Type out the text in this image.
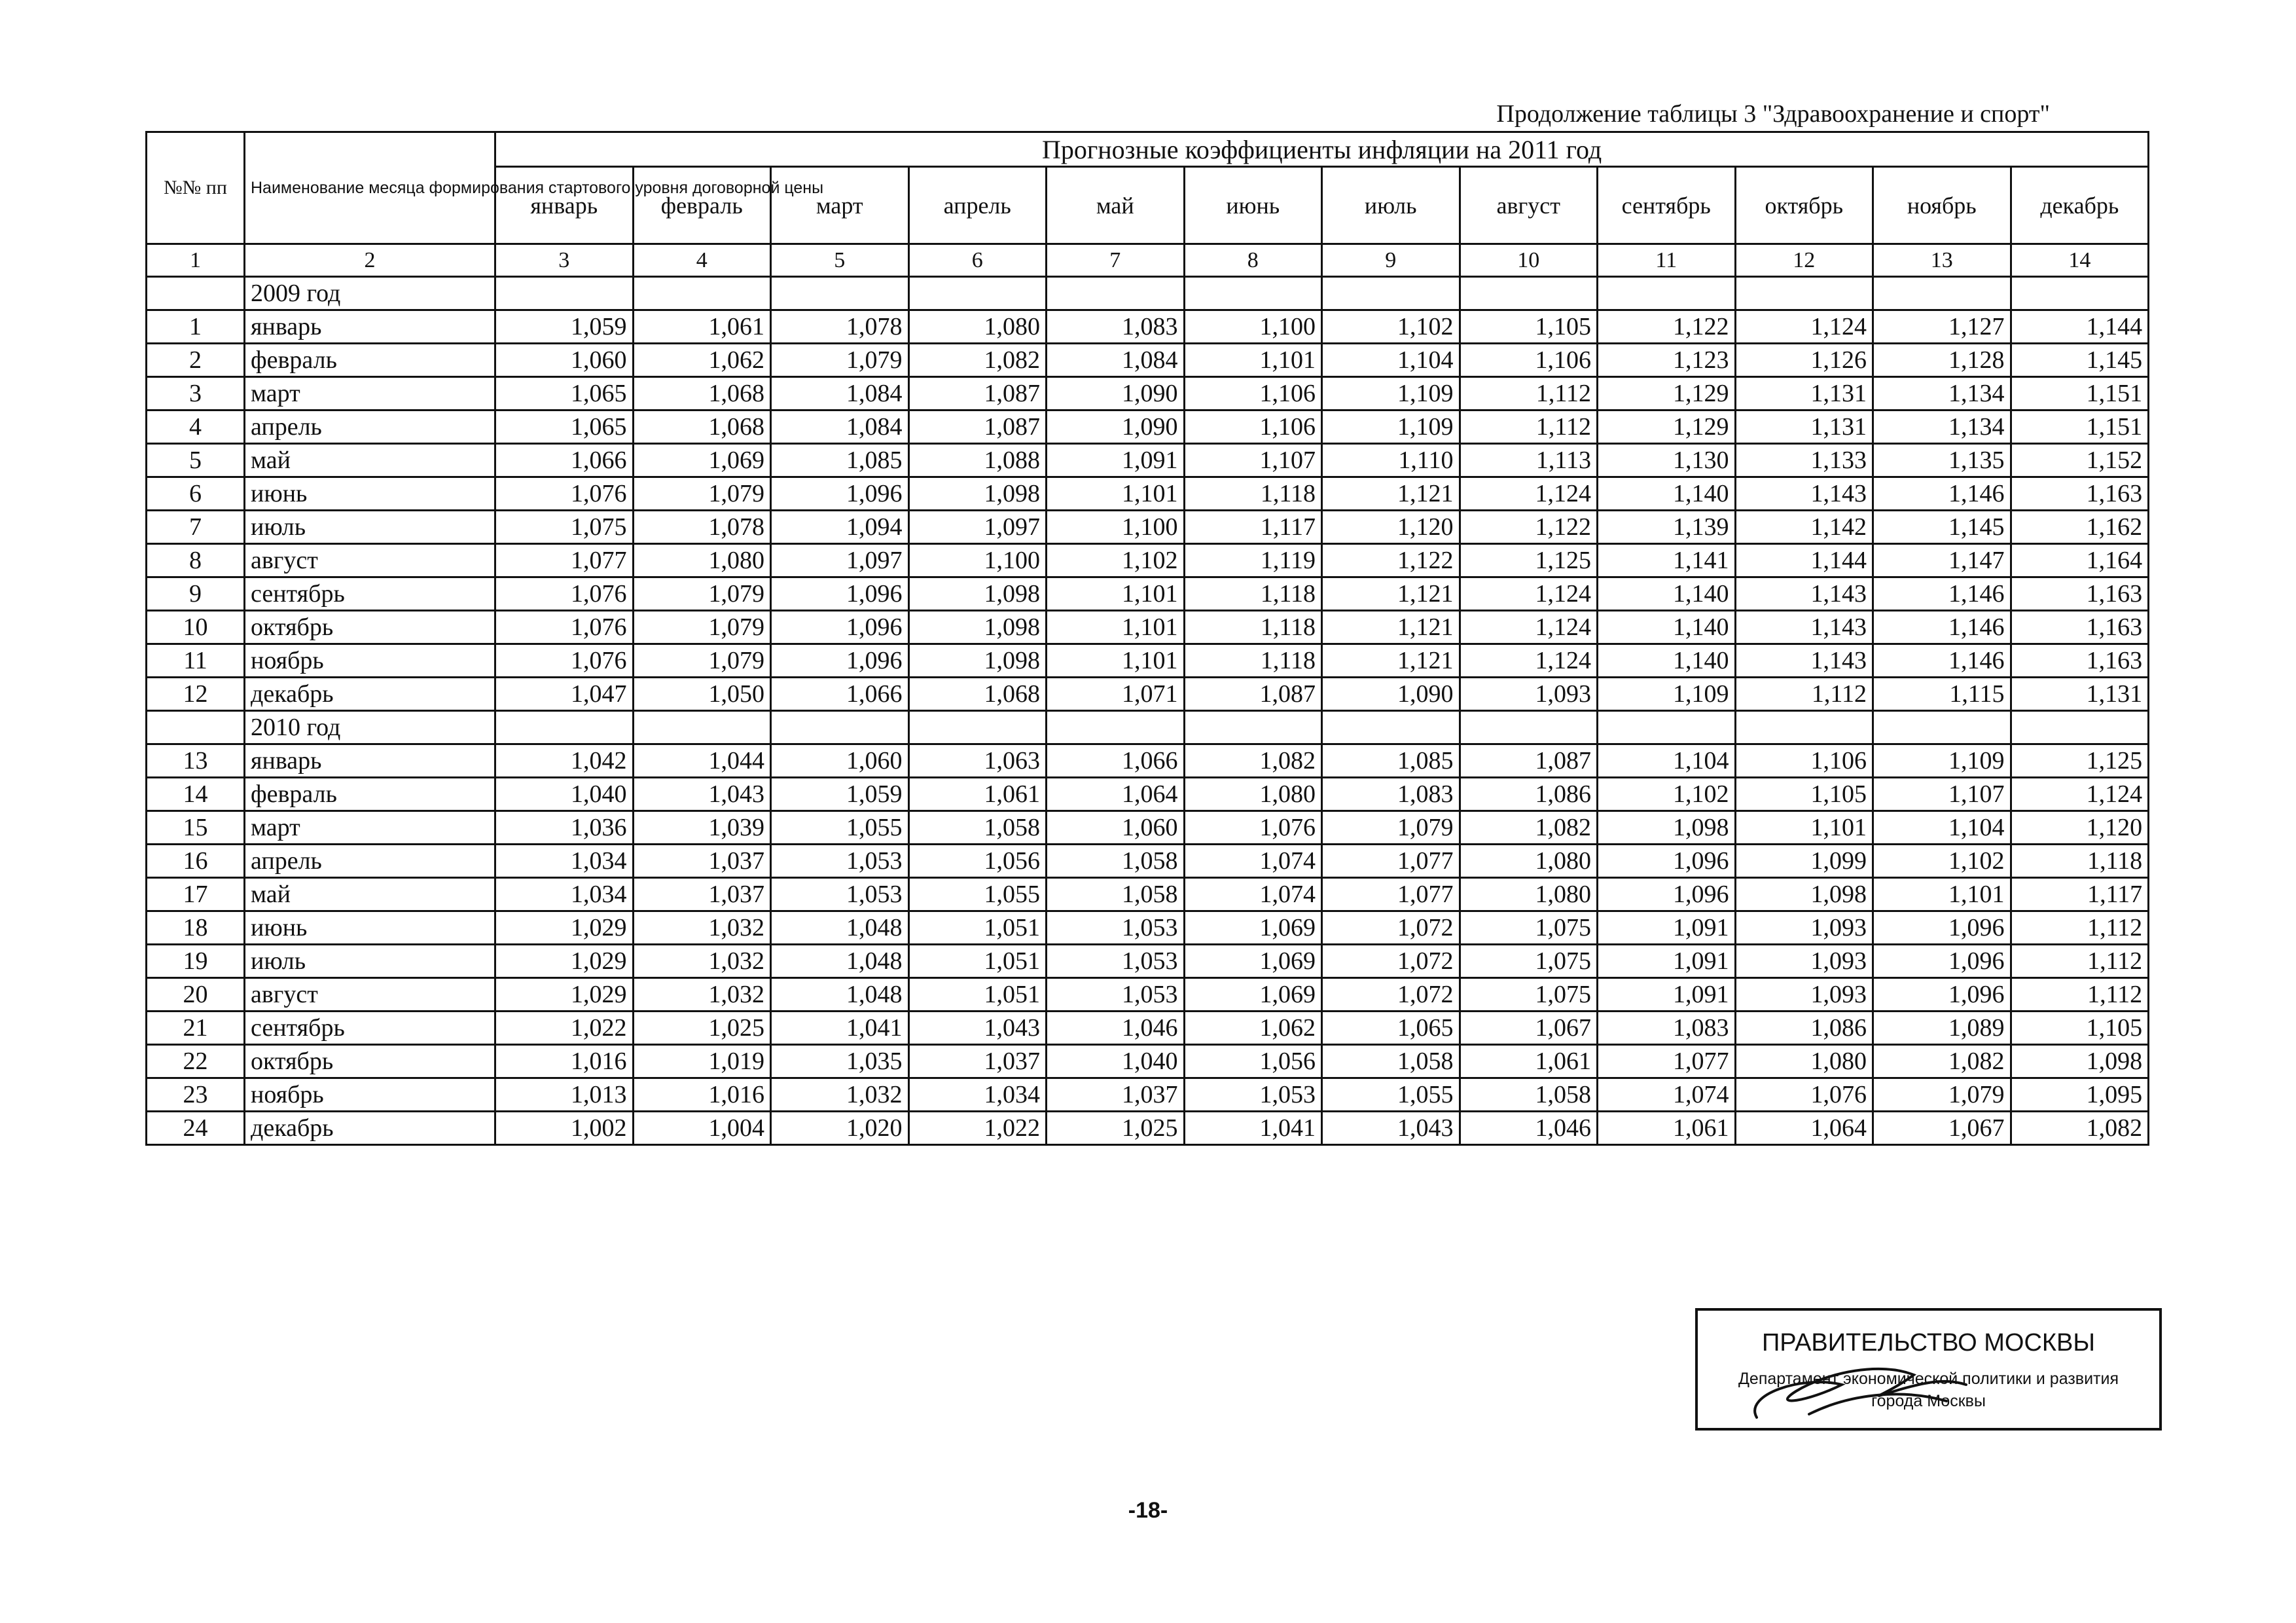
Продолжение таблицы 3 "Здравоохранение и спорт"
№№ пп	Наименование месяца формирования стартового уровня договорной цены	Прогнозные коэффициенты инфляции на 2011 год											
		январь	февраль	март	апрель	май	июнь	июль	август	сентябрь	октябрь	ноябрь	декабрь
1	2	3	4	5	6	7	8	9	10	11	12	13	14
	2009 год												
1	январь	1,059	1,061	1,078	1,080	1,083	1,100	1,102	1,105	1,122	1,124	1,127	1,144
2	февраль	1,060	1,062	1,079	1,082	1,084	1,101	1,104	1,106	1,123	1,126	1,128	1,145
3	март	1,065	1,068	1,084	1,087	1,090	1,106	1,109	1,112	1,129	1,131	1,134	1,151
4	апрель	1,065	1,068	1,084	1,087	1,090	1,106	1,109	1,112	1,129	1,131	1,134	1,151
5	май	1,066	1,069	1,085	1,088	1,091	1,107	1,110	1,113	1,130	1,133	1,135	1,152
6	июнь	1,076	1,079	1,096	1,098	1,101	1,118	1,121	1,124	1,140	1,143	1,146	1,163
7	июль	1,075	1,078	1,094	1,097	1,100	1,117	1,120	1,122	1,139	1,142	1,145	1,162
8	август	1,077	1,080	1,097	1,100	1,102	1,119	1,122	1,125	1,141	1,144	1,147	1,164
9	сентябрь	1,076	1,079	1,096	1,098	1,101	1,118	1,121	1,124	1,140	1,143	1,146	1,163
10	октябрь	1,076	1,079	1,096	1,098	1,101	1,118	1,121	1,124	1,140	1,143	1,146	1,163
11	ноябрь	1,076	1,079	1,096	1,098	1,101	1,118	1,121	1,124	1,140	1,143	1,146	1,163
12	декабрь	1,047	1,050	1,066	1,068	1,071	1,087	1,090	1,093	1,109	1,112	1,115	1,131
	2010 год												
13	январь	1,042	1,044	1,060	1,063	1,066	1,082	1,085	1,087	1,104	1,106	1,109	1,125
14	февраль	1,040	1,043	1,059	1,061	1,064	1,080	1,083	1,086	1,102	1,105	1,107	1,124
15	март	1,036	1,039	1,055	1,058	1,060	1,076	1,079	1,082	1,098	1,101	1,104	1,120
16	апрель	1,034	1,037	1,053	1,056	1,058	1,074	1,077	1,080	1,096	1,099	1,102	1,118
17	май	1,034	1,037	1,053	1,055	1,058	1,074	1,077	1,080	1,096	1,098	1,101	1,117
18	июнь	1,029	1,032	1,048	1,051	1,053	1,069	1,072	1,075	1,091	1,093	1,096	1,112
19	июль	1,029	1,032	1,048	1,051	1,053	1,069	1,072	1,075	1,091	1,093	1,096	1,112
20	август	1,029	1,032	1,048	1,051	1,053	1,069	1,072	1,075	1,091	1,093	1,096	1,112
21	сентябрь	1,022	1,025	1,041	1,043	1,046	1,062	1,065	1,067	1,083	1,086	1,089	1,105
22	октябрь	1,016	1,019	1,035	1,037	1,040	1,056	1,058	1,061	1,077	1,080	1,082	1,098
23	ноябрь	1,013	1,016	1,032	1,034	1,037	1,053	1,055	1,058	1,074	1,076	1,079	1,095
24	декабрь	1,002	1,004	1,020	1,022	1,025	1,041	1,043	1,046	1,061	1,064	1,067	1,082
ПРАВИТЕЛЬСТВО МОСКВЫ
Департамент экономической политики и развития
города Москвы
-18-
